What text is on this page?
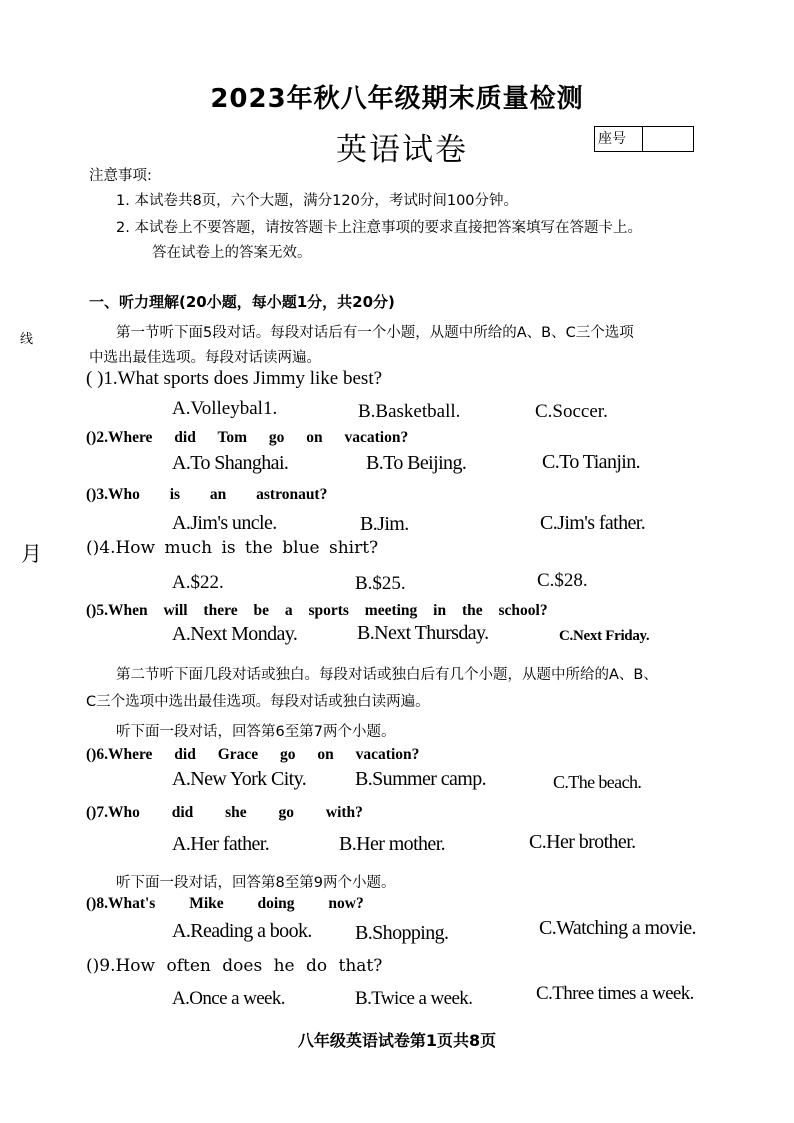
2023年秋八年级期末质量检测
英语试卷	座号
注意事项:
1. 本试卷共8页，六个大题，满分120分，考试时间100分钟。
2. 本试卷上不要答题，请按答题卡上注意事项的要求直接把答案填写在答题卡上。
答在试卷上的答案无效。
线
月
一、听力理解(20小题，每小题1分，共20分)
第一节听下面5段对话。每段对话后有一个小题，从题中所给的A、B、C三个选项
中选出最佳选项。每段对话读两遍。
( )1.What sports does Jimmy like best?
A.Volleybal1.	B.Basketball.	C.Soccer.
()2.Where did Tom go on vacation?
A.To Shanghai.	B.To Beijing.	C.To Tianjin.
()3.Who is an astronaut?
A.Jim's uncle.	B.Jim.	C.Jim's father.
()4.How much is the blue shirt?
A.$22.	B.$25.	C.$28.
()5.When will there be a sports meeting in the school?
A.Next Monday.	B.Next Thursday.	C.Next Friday.
第二节听下面几段对话或独白。每段对话或独白后有几个小题，从题中所给的A、B、
C三个选项中选出最佳选项。每段对话或独白读两遍。
听下面一段对话，回答第6至第7两个小题。
()6.Where did Grace go on vacation?
A.New York City. B.Summer camp.	C.The beach.
()7.Who did she go with?
A.Her father.	B.Her mother.	C.Her brother.
听下面一段对话，回答第8至第9两个小题。
()8.What's Mike doing now?
A.Reading a book. B.Shopping.	C.Watching a movie.
()9.How often does he do that?
A.Once a week.	B.Twice a week.	C.Three times a week.
八年级英语试卷第1页共8页
